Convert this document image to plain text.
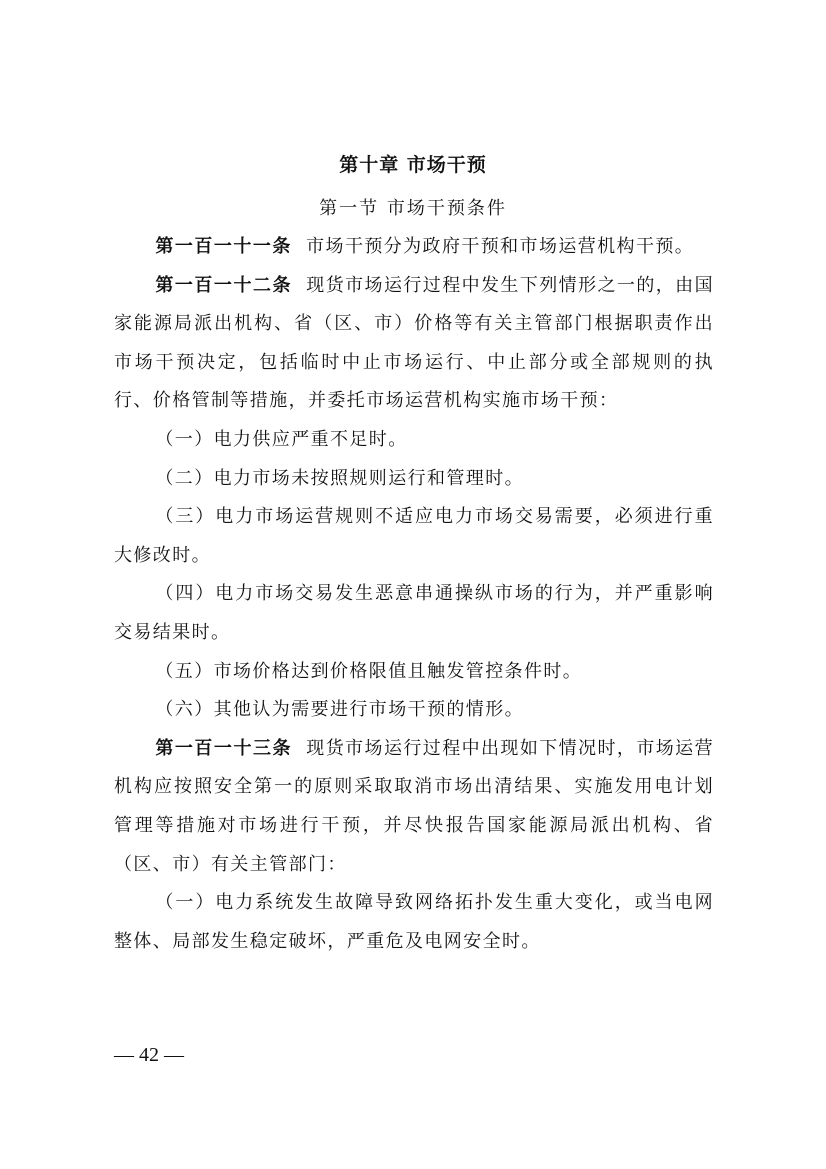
第十章 市场干预
第一节 市场干预条件

第一百一十一条 市场干预分为政府干预和市场运营机构干预。

第一百一十二条 现货市场运行过程中发生下列情形之一的，由国家能源局派出机构、省（区、市）价格等有关主管部门根据职责作出市场干预决定，包括临时中止市场运行、中止部分或全部规则的执行、价格管制等措施，并委托市场运营机构实施市场干预：

（一）电力供应严重不足时。

（二）电力市场未按照规则运行和管理时。

（三）电力市场运营规则不适应电力市场交易需要，必须进行重大修改时。

（四）电力市场交易发生恶意串通操纵市场的行为，并严重影响交易结果时。

（五）市场价格达到价格限值且触发管控条件时。

（六）其他认为需要进行市场干预的情形。

第一百一十三条 现货市场运行过程中出现如下情况时，市场运营机构应按照安全第一的原则采取取消市场出清结果、实施发用电计划管理等措施对市场进行干预，并尽快报告国家能源局派出机构、省（区、市）有关主管部门：

（一）电力系统发生故障导致网络拓扑发生重大变化，或当电网整体、局部发生稳定破坏，严重危及电网安全时。

— 42 —
